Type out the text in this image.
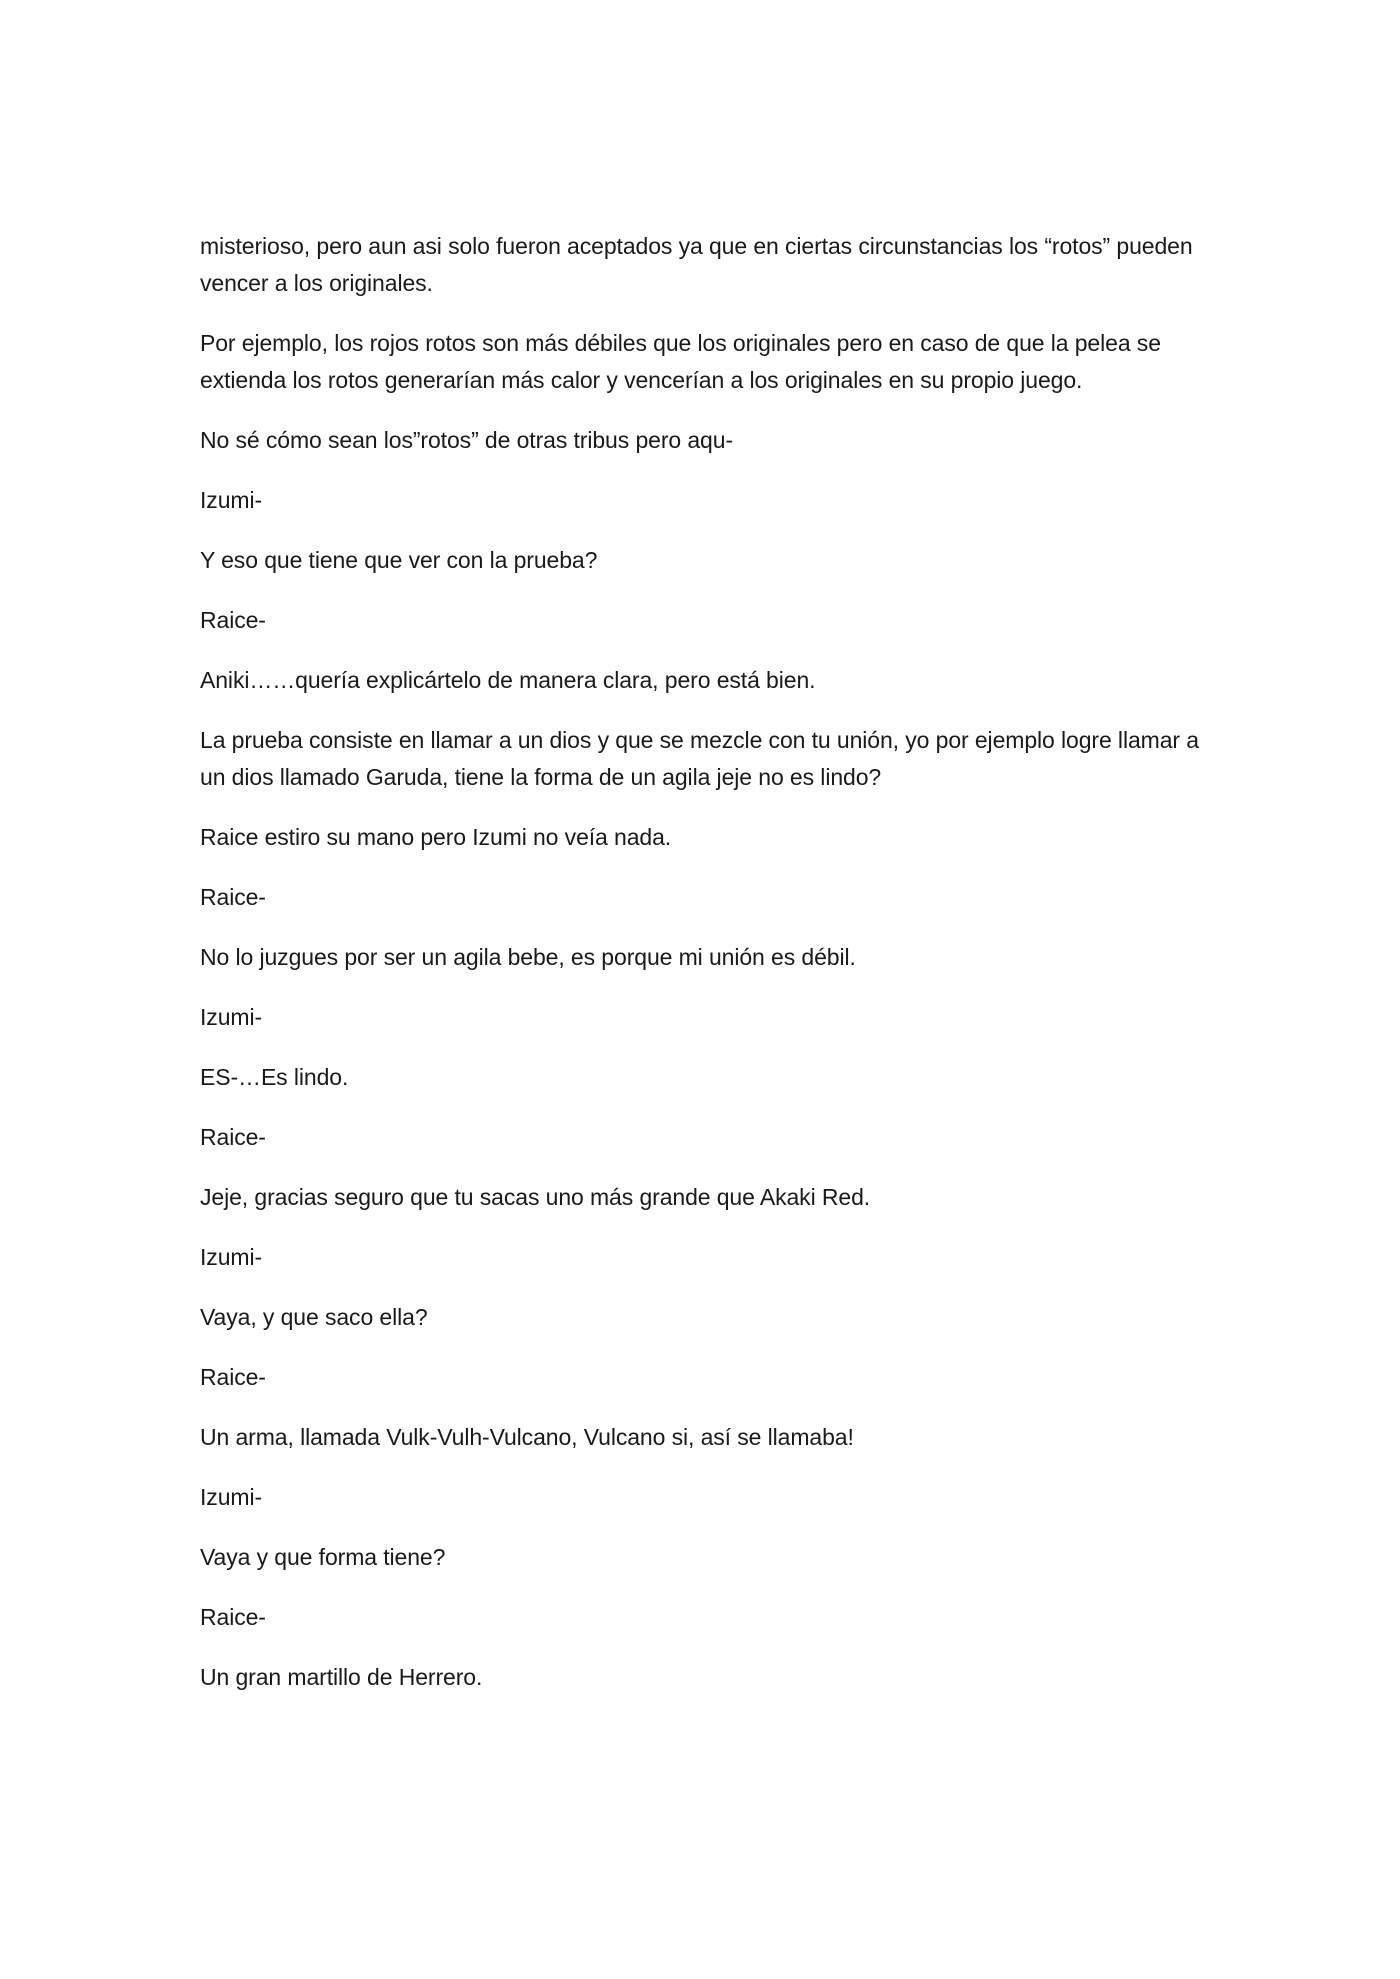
misterioso, pero aun asi solo fueron aceptados ya que en ciertas circunstancias los “rotos” pueden vencer a los originales.

Por ejemplo, los rojos rotos son más débiles que los originales pero en caso de que la pelea se extienda los rotos generarían más calor y vencerían a los originales en su propio juego.

No sé cómo sean los”rotos” de otras tribus pero aqu-

Izumi-

Y eso que tiene que ver con la prueba?

Raice-

Aniki……quería explicártelo de manera clara, pero está bien.

La prueba consiste en llamar a un dios y que se mezcle con tu unión, yo por ejemplo logre llamar a un dios llamado Garuda, tiene la forma de un agila jeje no es lindo?

Raice estiro su mano pero Izumi no veía nada.

Raice-

No lo juzgues por ser un agila bebe, es porque mi unión es débil.

Izumi-

ES-…Es lindo.

Raice-

Jeje, gracias seguro que tu sacas uno más grande que Akaki Red.

Izumi-

Vaya, y que saco ella?

Raice-

Un arma, llamada Vulk-Vulh-Vulcano, Vulcano si, así se llamaba!

Izumi-

Vaya y que forma tiene?

Raice-

Un gran martillo de Herrero.
